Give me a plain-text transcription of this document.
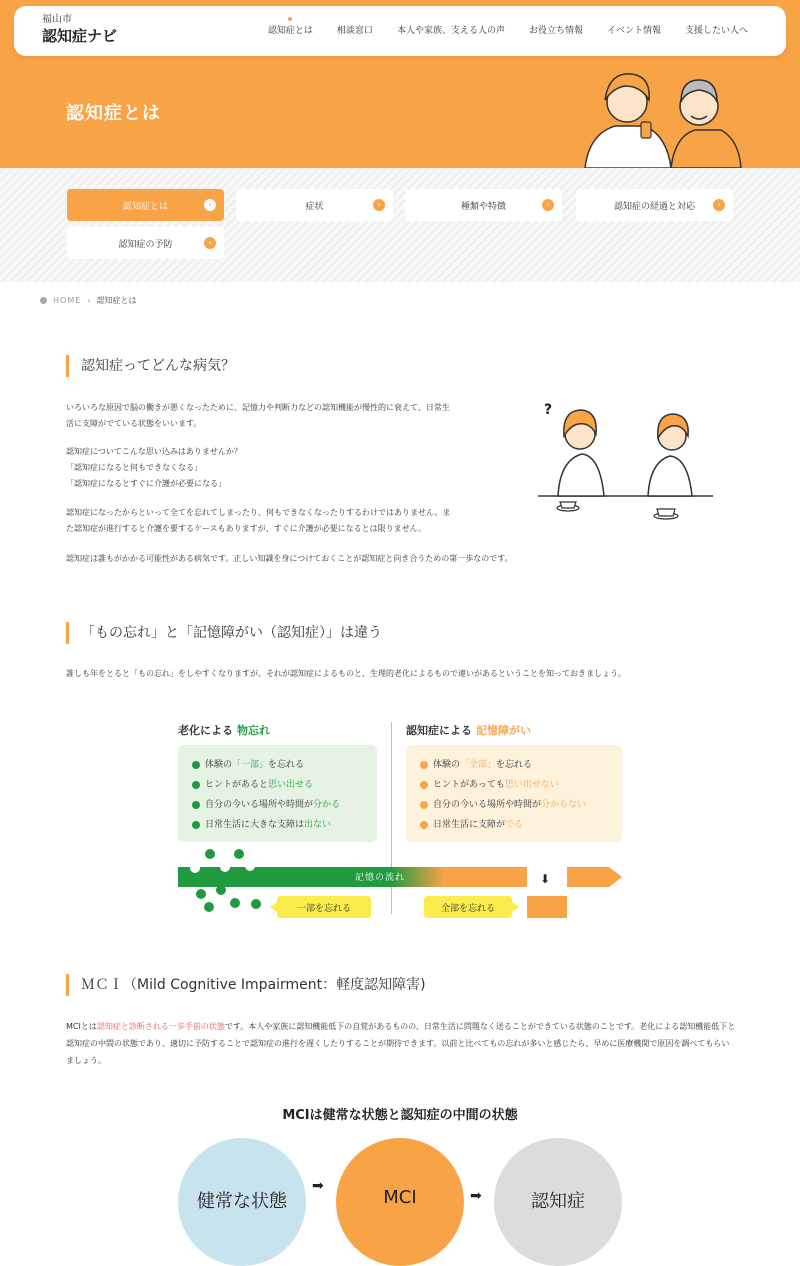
福山市
認知症ナビ	認知症とは	相談窓口	本人や家族、支える人の声	お役立ち情報	イベント情報	支援したい人へ
認知症とは
認知症とは	›	症状	›	種類や特徴	›	認知症の経過と対応	›
認知症の予防	›
HOME › 認知症とは
認知症ってどんな病気？
いろいろな原因で脳の働きが悪くなったために、記憶力や判断力などの認知機能が慢性的に衰えて、日常生
活に支障がでている状態をいいます。
認知症についてこんな思い込みはありませんか？
「認知症になると何もできなくなる」
「認知症になるとすぐに介護が必要になる」
認知症になったからといって全てを忘れてしまったり、何もできなくなったりするわけではありません。ま
た認知症が進行すると介護を要するケースもありますが、すぐに介護が必要になるとは限りません。
認知症は誰もがかかる可能性がある病気です。正しい知識を身につけておくことが認知症と向き合うための第一歩なのです。
?
「もの忘れ」と「記憶障がい（認知症）」は違う
誰しも年をとると「もの忘れ」をしやすくなりますが、それが認知症によるものと、生理的老化によるもので違いがあるということを知っておきましょう。
老化による 物忘れ	認知症による 記憶障がい
体験の 「一部」 を忘れる
ヒントがあると 思い出せる
自分の今いる場所や時間が 分かる
日常生活に大きな支障は 出ない
体験の 「全部」 を忘れる
ヒントがあっても 思い出せない
自分の今いる場所や時間が 分からない
日常生活に支障が でる
記憶の流れ	⬇
一部を忘れる	全部を忘れる
ＭＣＩ（Mild Cognitive Impairment：軽度認知障害)
MCIとは認知症と診断される一歩手前の状態です。本人や家族に認知機能低下の自覚があるものの、日常生活に問題なく送ることができている状態のことです。老化による認知機能低下と認知症の中間の状態であり、適切に予防することで認知症の進行を遅くしたりすることが期待できます。以前と比べてもの忘れが多いと感じたら、早めに医療機関で原因を調べてもらいましょう。
MCIは健常な状態と認知症の中間の状態
健常な状態
➡
MCI	➡	認知症
